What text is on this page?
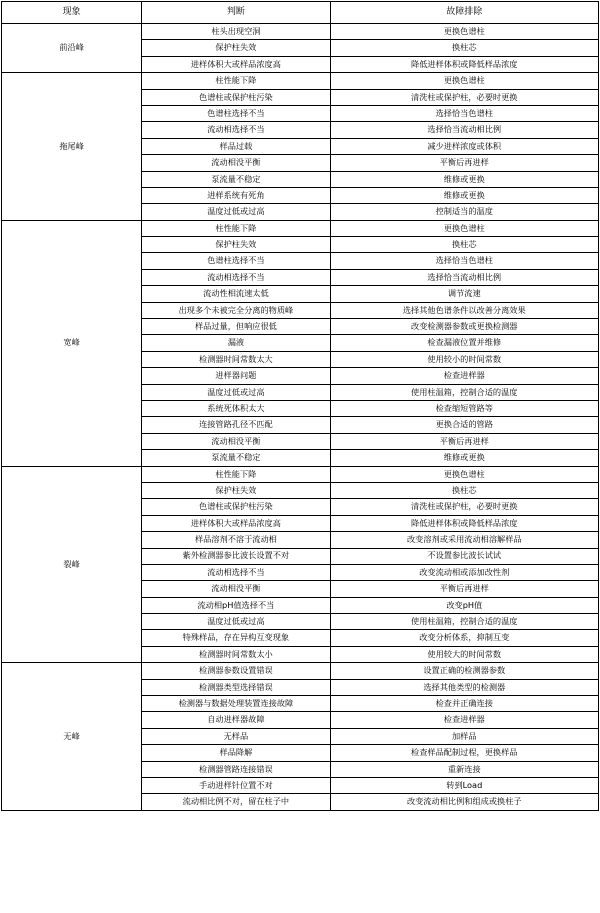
现象	判断	故障排除
前沿峰	柱头出现空洞	更换色谱柱
	保护柱失效	换柱芯
	进样体积大或样品浓度高	降低进样体积或降低样品浓度
拖尾峰	柱性能下降	更换色谱柱
	色谱柱或保护柱污染	清洗柱或保护柱，必要时更换
	色谱柱选择不当	选择恰当色谱柱
	流动相选择不当	选择恰当流动相比例
	样品过载	减少进样浓度或体积
	流动相没平衡	平衡后再进样
	泵流量不稳定	维修或更换
	进样系统有死角	维修或更换
	温度过低或过高	控制适当的温度
宽峰	柱性能下降	更换色谱柱
	保护柱失效	换柱芯
	色谱柱选择不当	选择恰当色谱柱
	流动相选择不当	选择恰当流动相比例
	流动性相流速太低	调节流速
	出现多个未被完全分离的物质峰	选择其他色谱条件以改善分离效果
	样品过量，但响应很低	改变检测器参数或更换检测器
	漏液	检查漏液位置并维修
	检测器时间常数太大	使用较小的时间常数
	进样器问题	检查进样器
	温度过低或过高	使用柱温箱，控制合适的温度
	系统死体积太大	检查缩短管路等
	连接管路孔径不匹配	更换合适的管路
	流动相没平衡	平衡后再进样
	泵流量不稳定	维修或更换
裂峰	柱性能下降	更换色谱柱
	保护柱失效	换柱芯
	色谱柱或保护柱污染	清洗柱或保护柱，必要时更换
	进样体积大或样品浓度高	降低进样体积或降低样品浓度
	样品溶剂不溶于流动相	改变溶剂或采用流动相溶解样品
	紫外检测器参比波长设置不对	不设置参比波长试试
	流动相选择不当	改变流动相或添加改性剂
	流动相没平衡	平衡后再进样
	流动相pH值选择不当	改变pH值
	温度过低或过高	使用柱温箱，控制合适的温度
	特殊样品，存在异构互变现象	改变分析体系，抑制互变
	检测器时间常数太小	使用较大的时间常数
无峰	检测器参数设置错误	设置正确的检测器参数
	检测器类型选择错误	选择其他类型的检测器
	检测器与数据处理装置连接故障	检查并正确连接
	自动进样器故障	检查进样器
	无样品	加样品
	样品降解	检查样品配制过程，更换样品
	检测器管路连接错误	重新连接
	手动进样针位置不对	转到Load
	流动相比例不对，留在柱子中	改变流动相比例和组成或换柱子
